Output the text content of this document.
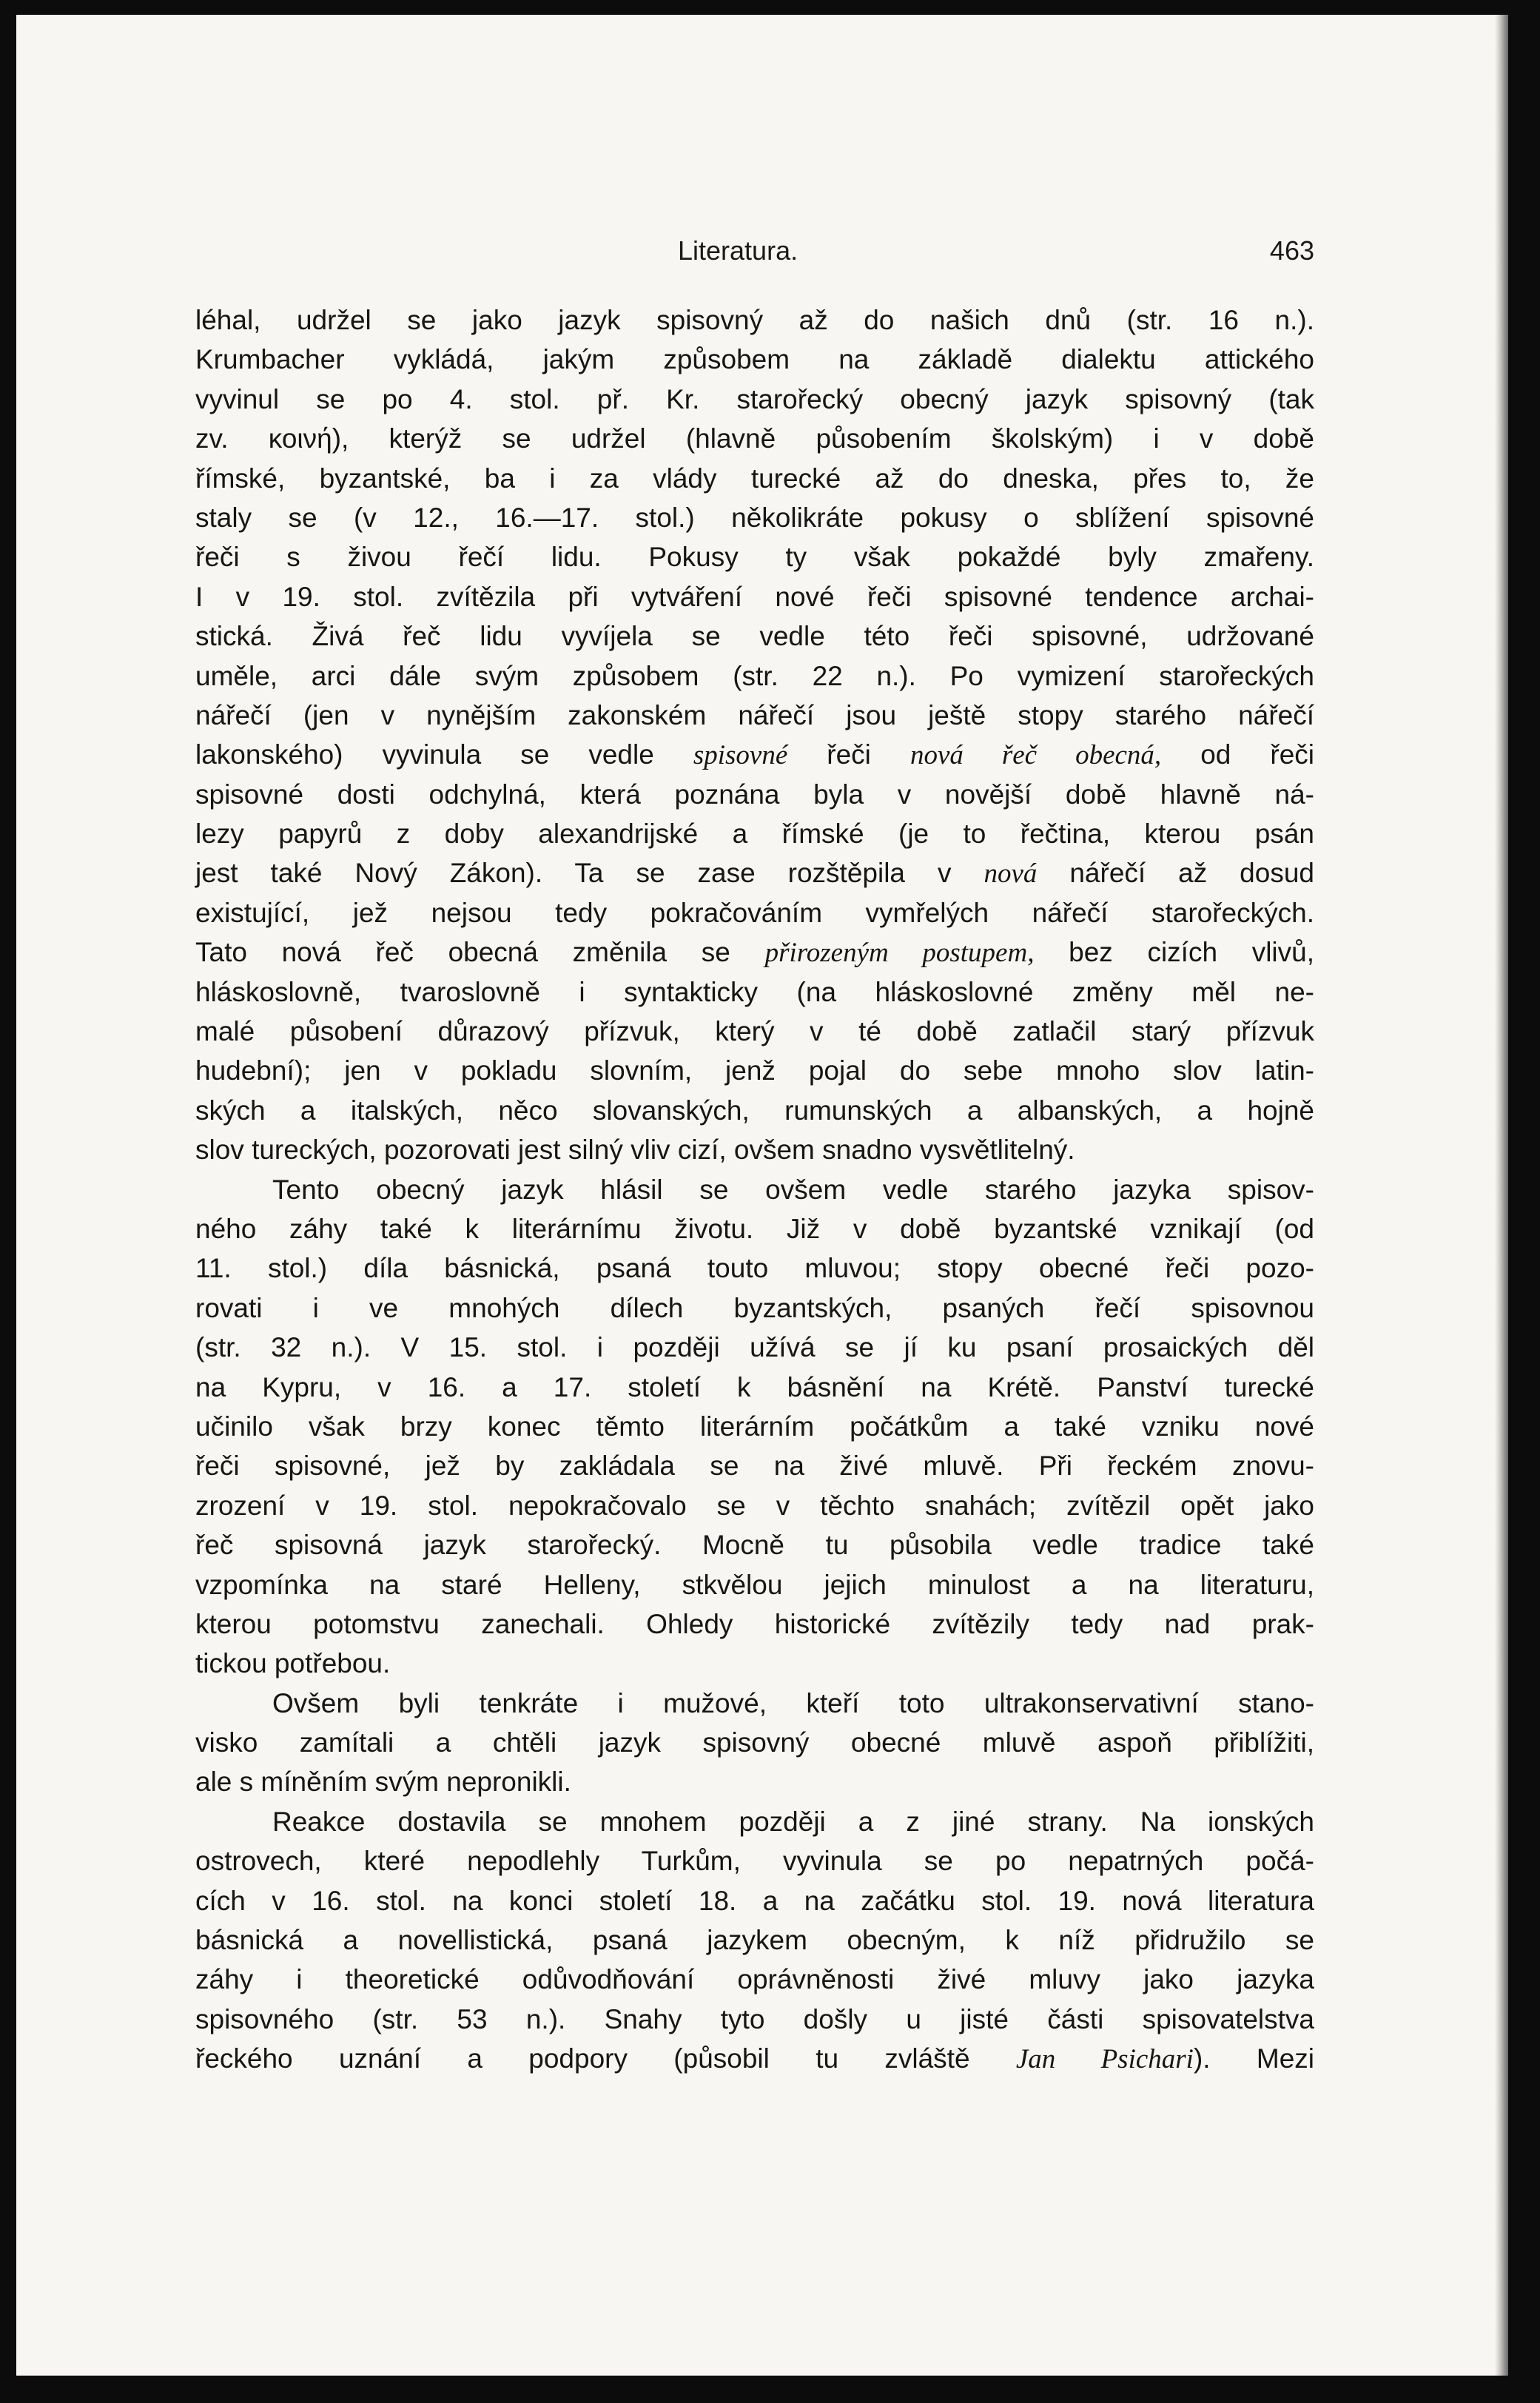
Literatura.	463
léhal, udržel se jako jazyk spisovný až do našich dnů (str. 16 n.).
Krumbacher vykládá, jakým způsobem na základě dialektu attického
vyvinul se po 4. stol. př. Kr. starořecký obecný jazyk spisovný (tak
zv. κοινή), kterýž se udržel (hlavně působením školským) i v době
římské, byzantské, ba i za vlády turecké až do dneska, přes to, že
staly se (v 12., 16.—17. stol.) několikráte pokusy o sblížení spisovné
řeči s živou řečí lidu. Pokusy ty však pokaždé byly zmařeny.
I v 19. stol. zvítězila při vytváření nové řeči spisovné tendence archai-
stická. Živá řeč lidu vyvíjela se vedle této řeči spisovné, udržované
uměle, arci dále svým způsobem (str. 22 n.). Po vymizení starořeckých
nářečí (jen v nynějším zakonském nářečí jsou ještě stopy starého nářečí
lakonského) vyvinula se vedle spisovné řeči nová řeč obecná, od řeči
spisovné dosti odchylná, která poznána byla v novější době hlavně ná-
lezy papyrů z doby alexandrijské a římské (je to řečtina, kterou psán
jest také Nový Zákon). Ta se zase rozštěpila v nová nářečí až dosud
existující, jež nejsou tedy pokračováním vymřelých nářečí starořeckých.
Tato nová řeč obecná změnila se přirozeným postupem, bez cizích vlivů,
hláskoslovně, tvaroslovně i syntakticky (na hláskoslovné změny měl ne-
malé působení důrazový přízvuk, který v té době zatlačil starý přízvuk
hudební); jen v pokladu slovním, jenž pojal do sebe mnoho slov latin-
ských a italských, něco slovanských, rumunských a albanských, a hojně
slov tureckých, pozorovati jest silný vliv cizí, ovšem snadno vysvětlitelný.
Tento obecný jazyk hlásil se ovšem vedle starého jazyka spisov-
ného záhy také k literárnímu životu. Již v době byzantské vznikají (od
11. stol.) díla básnická, psaná touto mluvou; stopy obecné řeči pozo-
rovati i ve mnohých dílech byzantských, psaných řečí spisovnou
(str. 32 n.). V 15. stol. i později užívá se jí ku psaní prosaických děl
na Kypru, v 16. a 17. století k básnění na Krétě. Panství turecké
učinilo však brzy konec těmto literárním počátkům a také vzniku nové
řeči spisovné, jež by zakládala se na živé mluvě. Při řeckém znovu-
zrození v 19. stol. nepokračovalo se v těchto snahách; zvítězil opět jako
řeč spisovná jazyk starořecký. Mocně tu působila vedle tradice také
vzpomínka na staré Helleny, stkvělou jejich minulost a na literaturu,
kterou potomstvu zanechali. Ohledy historické zvítězily tedy nad prak-
tickou potřebou.
Ovšem byli tenkráte i mužové, kteří toto ultrakonservativní stano-
visko zamítali a chtěli jazyk spisovný obecné mluvě aspoň přiblížiti,
ale s míněním svým nepronikli.
Reakce dostavila se mnohem později a z jiné strany. Na ionských
ostrovech, které nepodlehly Turkům, vyvinula se po nepatrných počá-
cích v 16. stol. na konci století 18. a na začátku stol. 19. nová literatura
básnická a novellistická, psaná jazykem obecným, k níž přidružilo se
záhy i theoretické odůvodňování oprávněnosti živé mluvy jako jazyka
spisovného (str. 53 n.). Snahy tyto došly u jisté části spisovatelstva
řeckého uznání a podpory (působil tu zvláště Jan Psichari). Mezi
